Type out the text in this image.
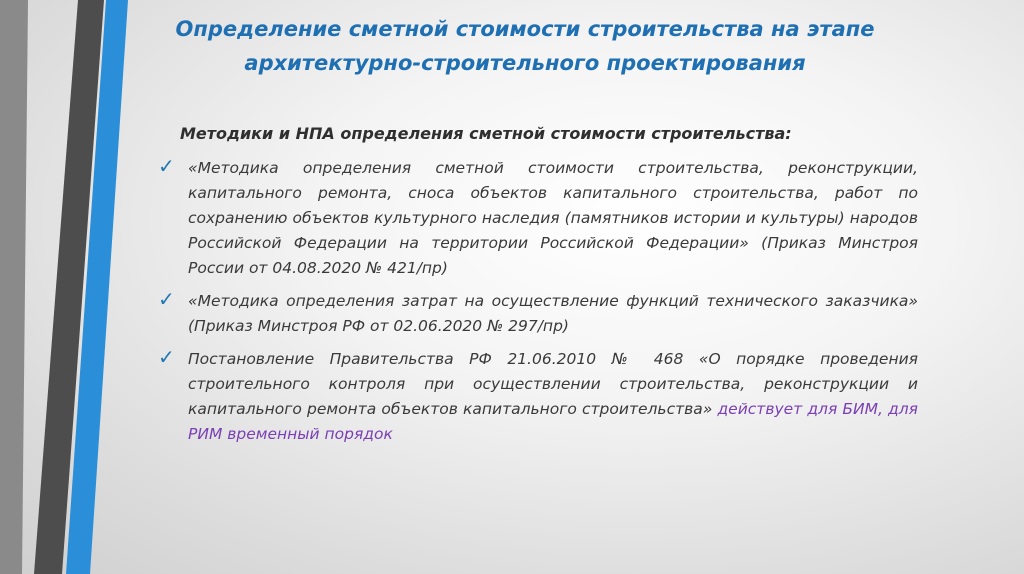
Определение сметной стоимости строительства на этапе
архитектурно-строительного проектирования
Методики и НПА определения сметной стоимости строительства:
✓ «Методика определения сметной стоимости строительства, реконструкции, капитального ремонта, сноса объектов капитального строительства, работ по сохранению объектов культурного наследия (памятников истории и культуры) народов Российской Федерации на территории Российской Федерации» (Приказ Минстроя России от 04.08.2020 № 421/пр)
✓ «Методика определения затрат на осуществление функций технического заказчика» (Приказ Минстроя РФ от 02.06.2020 № 297/пр)
✓ Постановление Правительства РФ 21.06.2010 № 468 «О порядке проведения строительного контроля при осуществлении строительства, реконструкции и капитального ремонта объектов капитального строительства» действует для БИМ, для РИМ временный порядок
